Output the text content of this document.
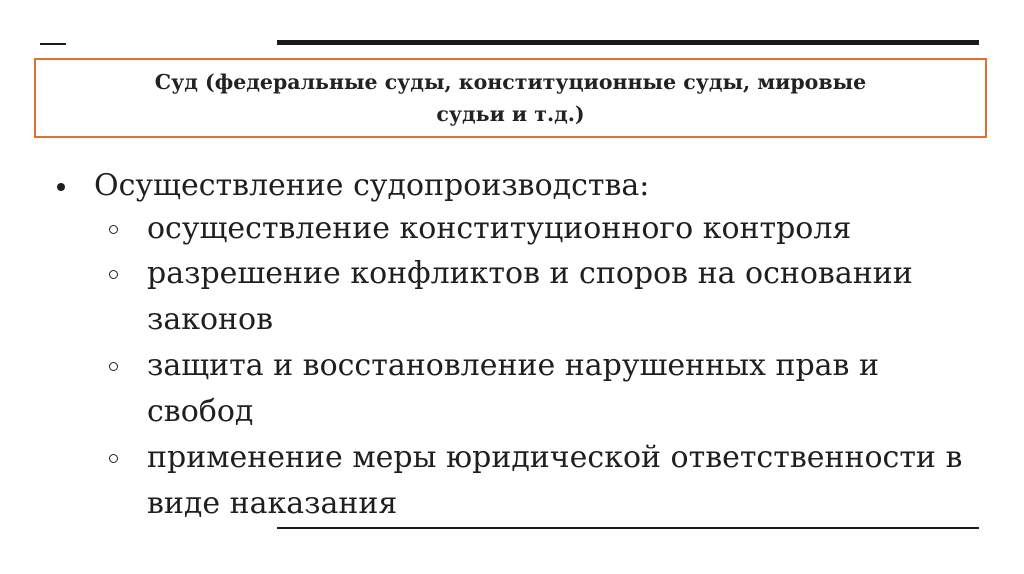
Суд (федеральные суды, конституционные суды, мировые судьи и т.д.)
Осуществление судопроизводства:
осуществление конституционного контроля
разрешение конфликтов и споров на основании законов
защита и восстановление нарушенных прав и свобод
применение меры юридической ответственности в виде наказания
